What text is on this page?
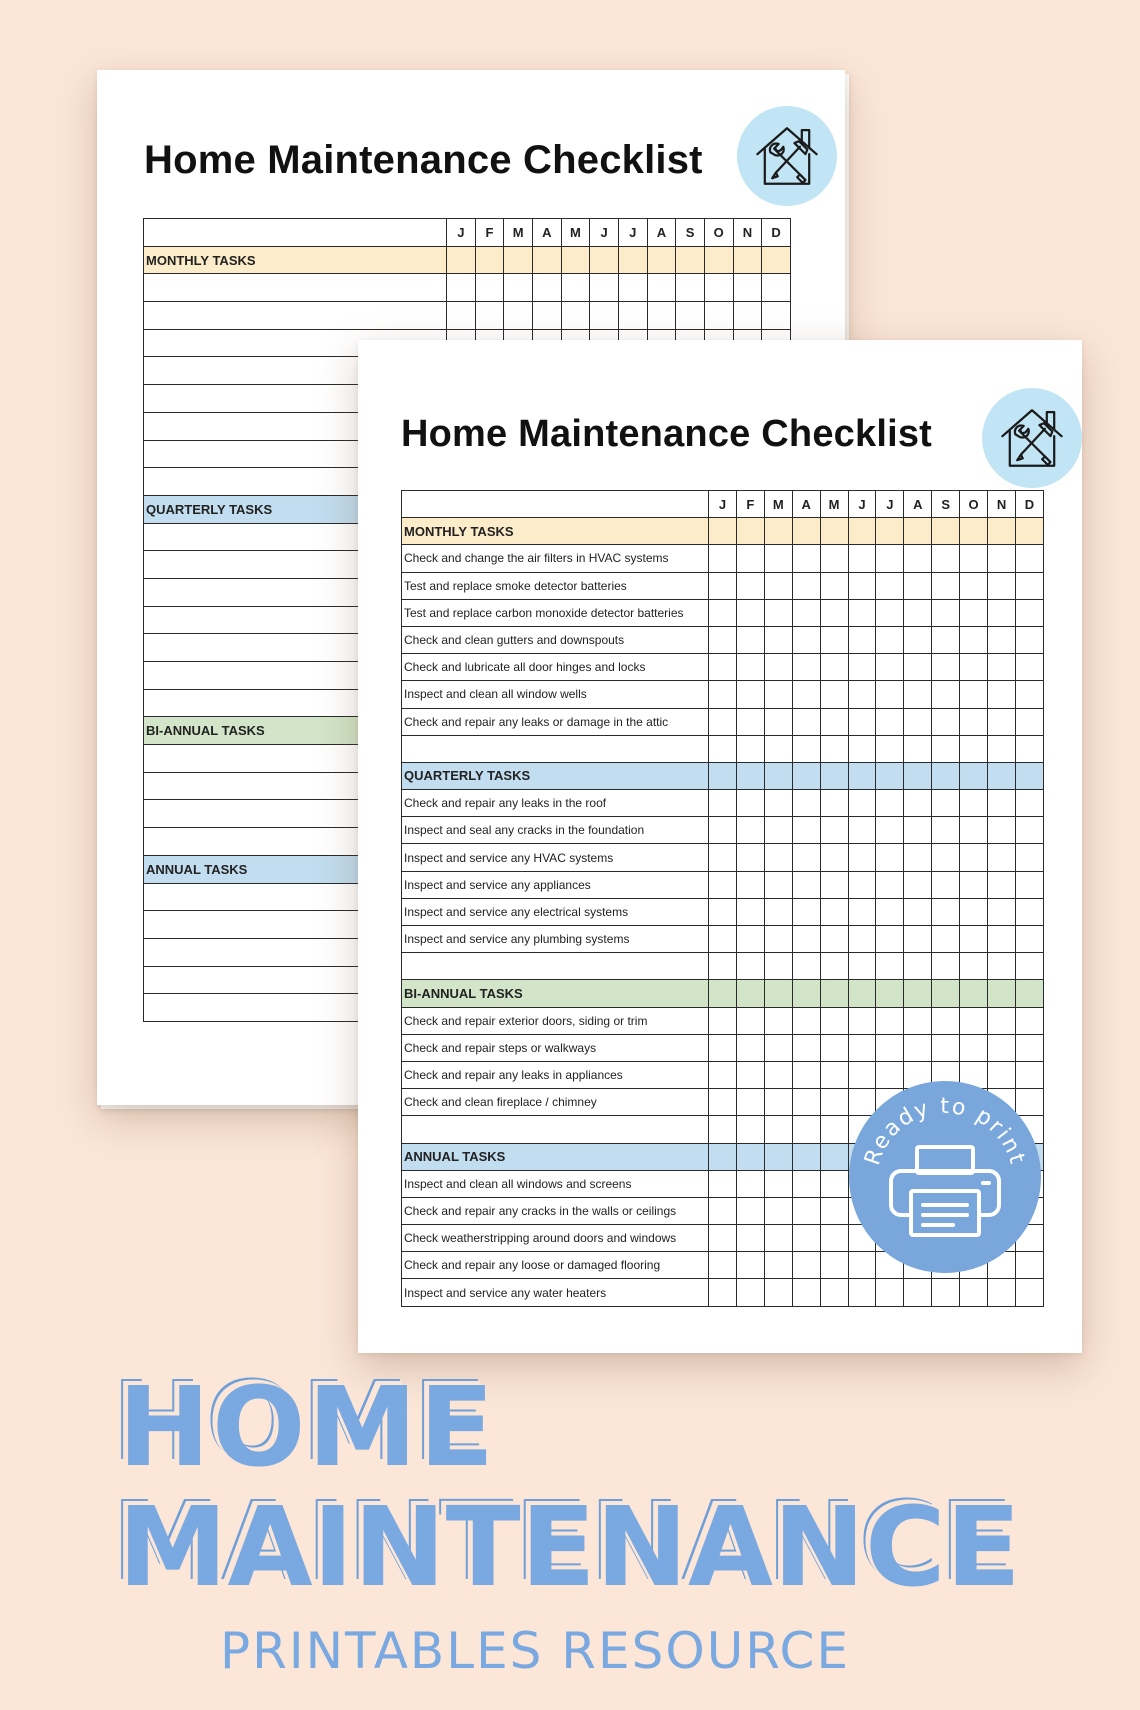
Home Maintenance Checklist
	J	F	M	A	M	J	J	A	S	O	N	D
MONTHLY TASKS												

QUARTERLY TASKS												

BI-ANNUAL TASKS												

ANNUAL TASKS												

Home Maintenance Checklist
	J	F	M	A	M	J	J	A	S	O	N	D
MONTHLY TASKS												
Check and change the air filters in HVAC systems												
Test and replace smoke detector batteries												
Test and replace carbon monoxide detector batteries												
Check and clean gutters and downspouts												
Check and lubricate all door hinges and locks												
Inspect and clean all window wells												
Check and repair any leaks or damage in the attic												

QUARTERLY TASKS												
Check and repair any leaks in the roof												
Inspect and seal any cracks in the foundation												
Inspect and service any HVAC systems												
Inspect and service any appliances												
Inspect and service any electrical systems												
Inspect and service any plumbing systems												

BI-ANNUAL TASKS												
Check and repair exterior doors, siding or trim												
Check and repair steps or walkways												
Check and repair any leaks in appliances												
Check and clean fireplace / chimney												

ANNUAL TASKS												
Inspect and clean all windows and screens												
Check and repair any cracks in the walls or ceilings												
Check weatherstripping around doors and windows												
Check and repair any loose or damaged flooring												
Inspect and service any water heaters												
Ready to print
HOME
MAINTENANCE

PRINTABLES RESOURCE
